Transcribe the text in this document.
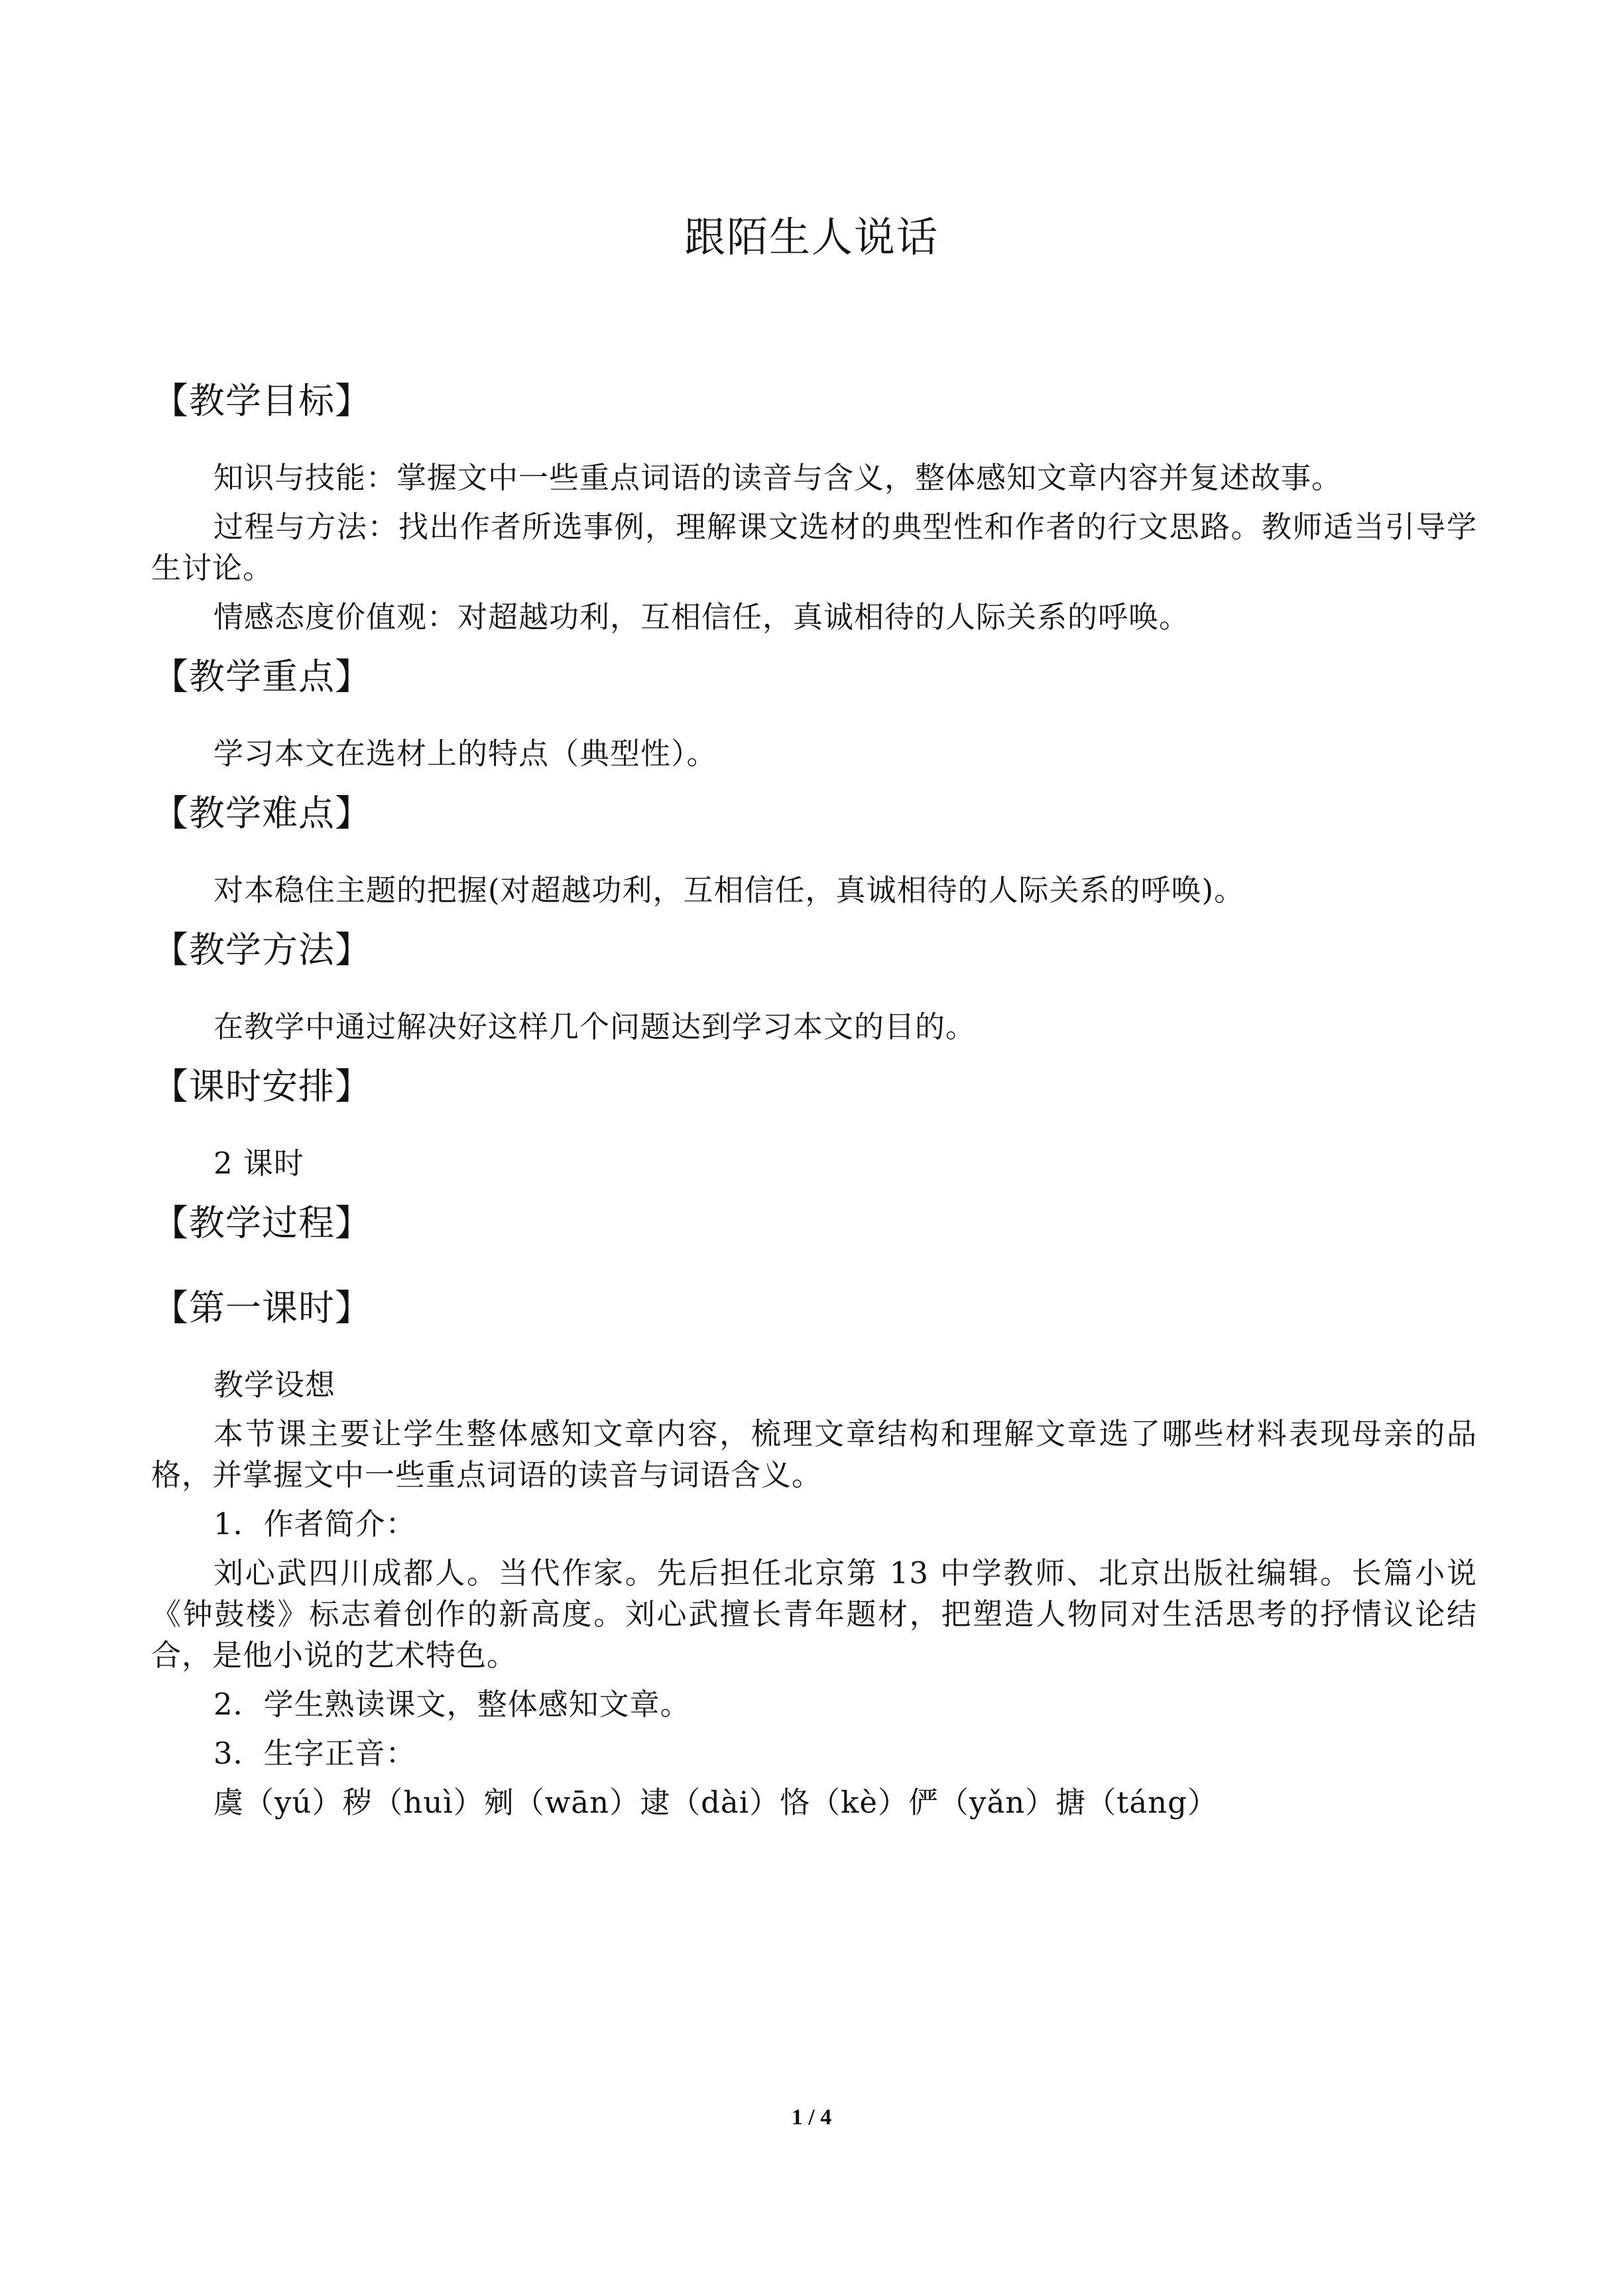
跟陌生人说话
【教学目标】
知识与技能：掌握文中一些重点词语的读音与含义，整体感知文章内容并复述故事。
过程与方法：找出作者所选事例，理解课文选材的典型性和作者的行文思路。教师适当引导学生讨论。
情感态度价值观：对超越功利，互相信任，真诚相待的人际关系的呼唤。
【教学重点】
学习本文在选材上的特点（典型性）。
【教学难点】
对本稳住主题的把握(对超越功利，互相信任，真诚相待的人际关系的呼唤)。
【教学方法】
在教学中通过解决好这样几个问题达到学习本文的目的。
【课时安排】
2 课时
【教学过程】
【第一课时】
教学设想
本节课主要让学生整体感知文章内容，梳理文章结构和理解文章选了哪些材料表现母亲的品格，并掌握文中一些重点词语的读音与词语含义。
1．作者简介：
刘心武四川成都人。当代作家。先后担任北京第 13 中学教师、北京出版社编辑。长篇小说《钟鼓楼》标志着创作的新高度。刘心武擅长青年题材，把塑造人物同对生活思考的抒情议论结合，是他小说的艺术特色。
2．学生熟读课文，整体感知文章。
3．生字正音：
虞（yú）秽（huì）剜（wān）逮（dài）恪（kè）俨（yǎn）搪（táng）
1 / 4
